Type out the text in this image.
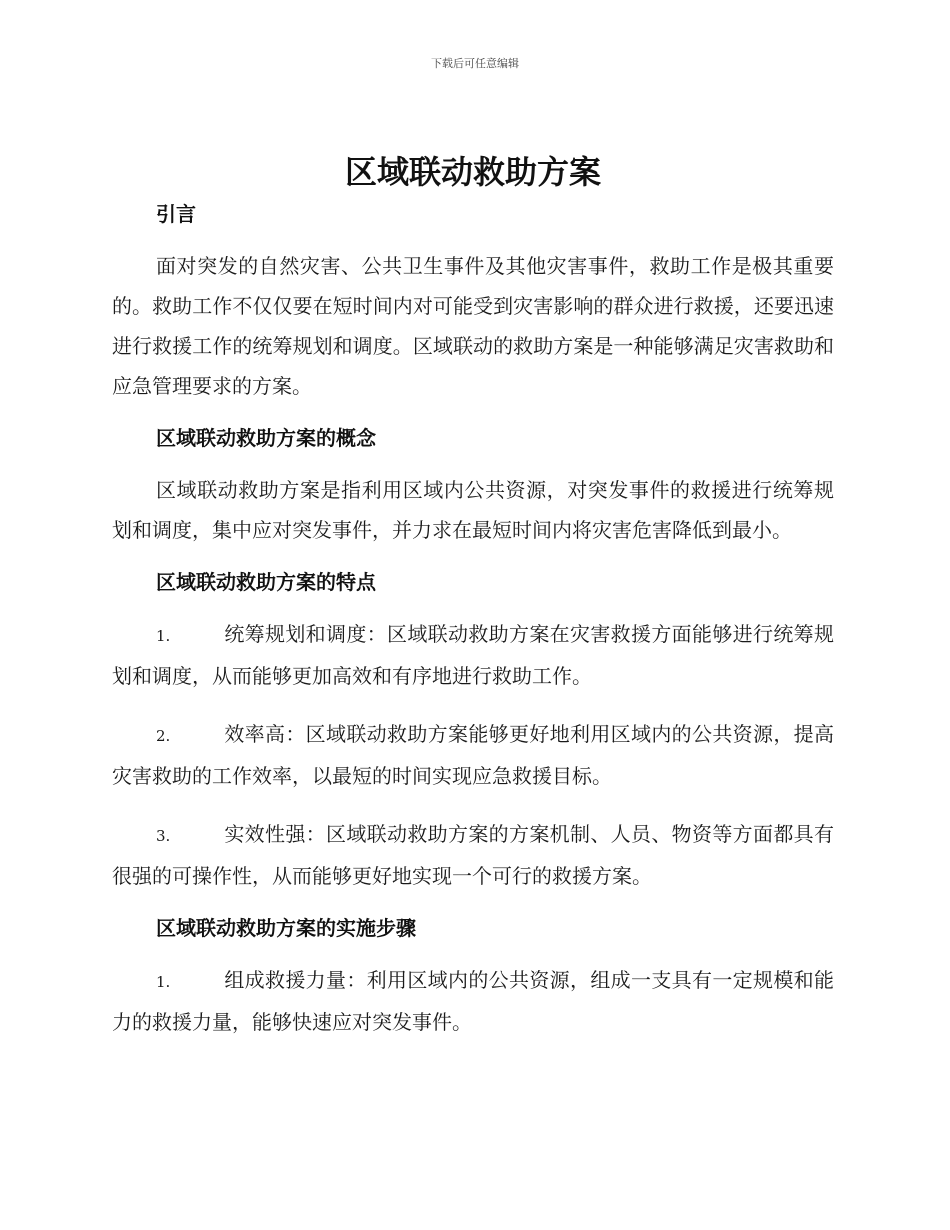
下载后可任意编辑
区域联动救助方案
引言

面对突发的自然灾害、公共卫生事件及其他灾害事件，救助工作是极其重要的。救助工作不仅仅要在短时间内对可能受到灾害影响的群众进行救援，还要迅速进行救援工作的统筹规划和调度。区域联动的救助方案是一种能够满足灾害救助和应急管理要求的方案。

区域联动救助方案的概念

区域联动救助方案是指利用区域内公共资源，对突发事件的救援进行统筹规划和调度，集中应对突发事件，并力求在最短时间内将灾害危害降低到最小。

区域联动救助方案的特点

1.	统筹规划和调度：区域联动救助方案在灾害救援方面能够进行统筹规划和调度，从而能够更加高效和有序地进行救助工作。

2.	效率高：区域联动救助方案能够更好地利用区域内的公共资源，提高灾害救助的工作效率，以最短的时间实现应急救援目标。

3.	实效性强：区域联动救助方案的方案机制、人员、物资等方面都具有很强的可操作性，从而能够更好地实现一个可行的救援方案。

区域联动救助方案的实施步骤

1.	组成救援力量：利用区域内的公共资源，组成一支具有一定规模和能力的救援力量，能够快速应对突发事件。
